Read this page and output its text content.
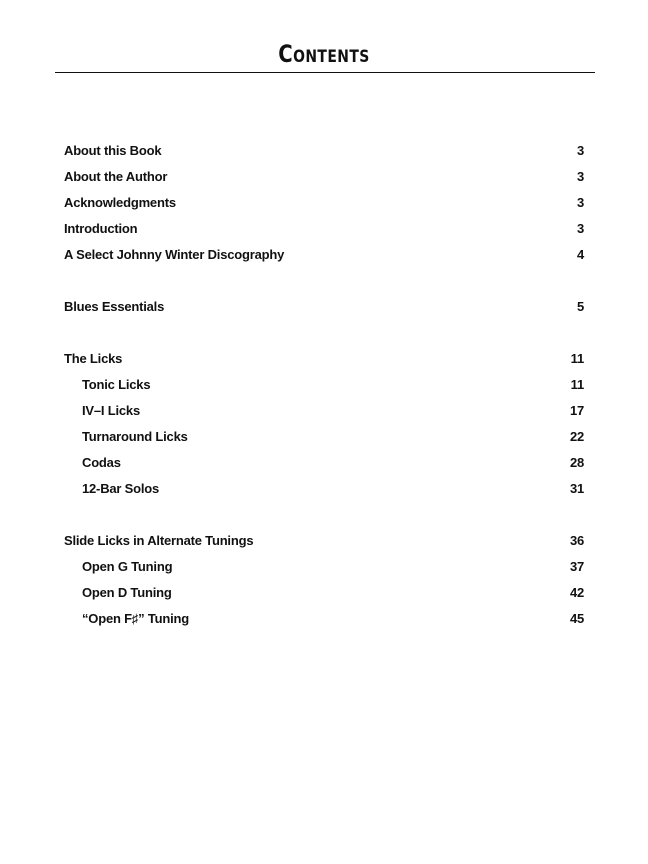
Contents
About this Book	3
About the Author	3
Acknowledgments	3
Introduction	3
A Select Johnny Winter Discography	4
Blues Essentials	5
The Licks	11
Tonic Licks	11
IV–I Licks	17
Turnaround Licks	22
Codas	28
12-Bar Solos	31
Slide Licks in Alternate Tunings	36
Open G Tuning	37
Open D Tuning	42
“Open F♯” Tuning	45
